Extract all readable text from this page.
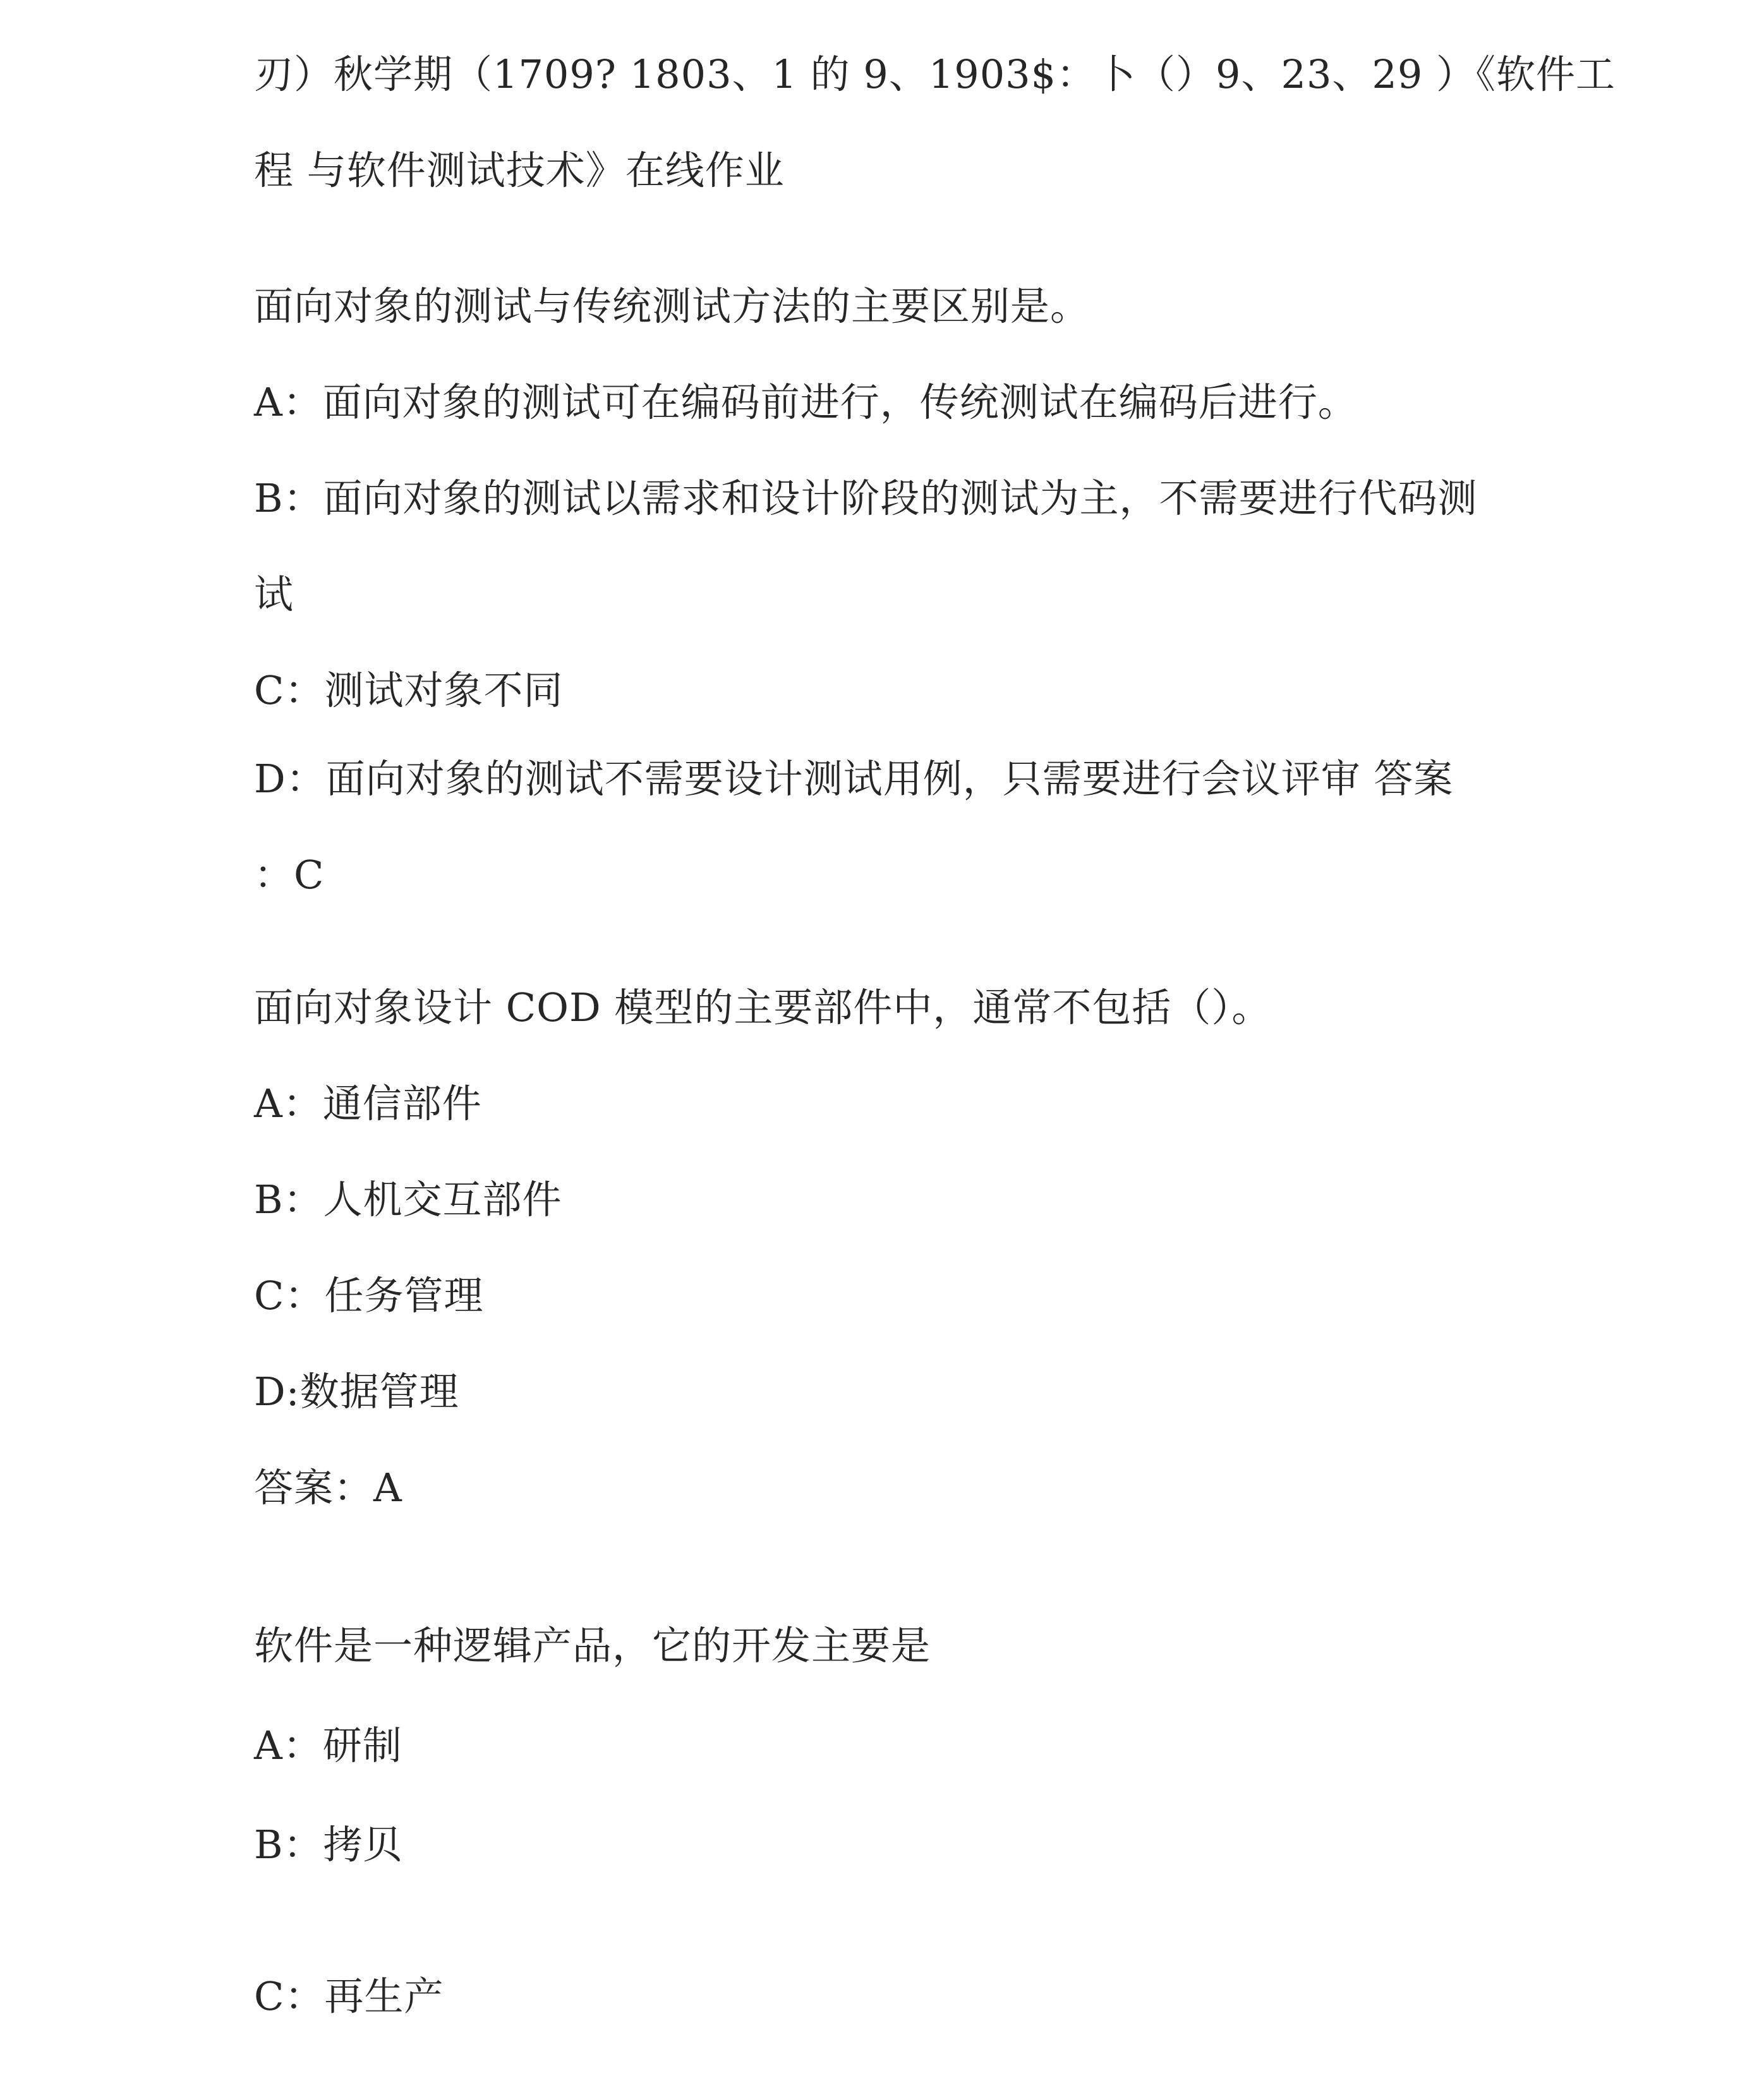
刃）秋学期（1709? 1803、1 的 9、1903$：卜（）9、23、29 ）《软件工
程 与软件测试技术》在线作业
面向对象的测试与传统测试方法的主要区别是。
A：面向对象的测试可在编码前进行，传统测试在编码后进行。
B：面向对象的测试以需求和设计阶段的测试为主，不需要进行代码测
试
C：测试对象不同
D：面向对象的测试不需要设计测试用例，只需要进行会议评审 答案
：C
面向对象设计 COD 模型的主要部件中，通常不包括（）。
A：通信部件
B：人机交互部件
C：任务管理
D:数据管理
答案：A
软件是一种逻辑产品，它的开发主要是
A：研制
B：拷贝
C：再生产
